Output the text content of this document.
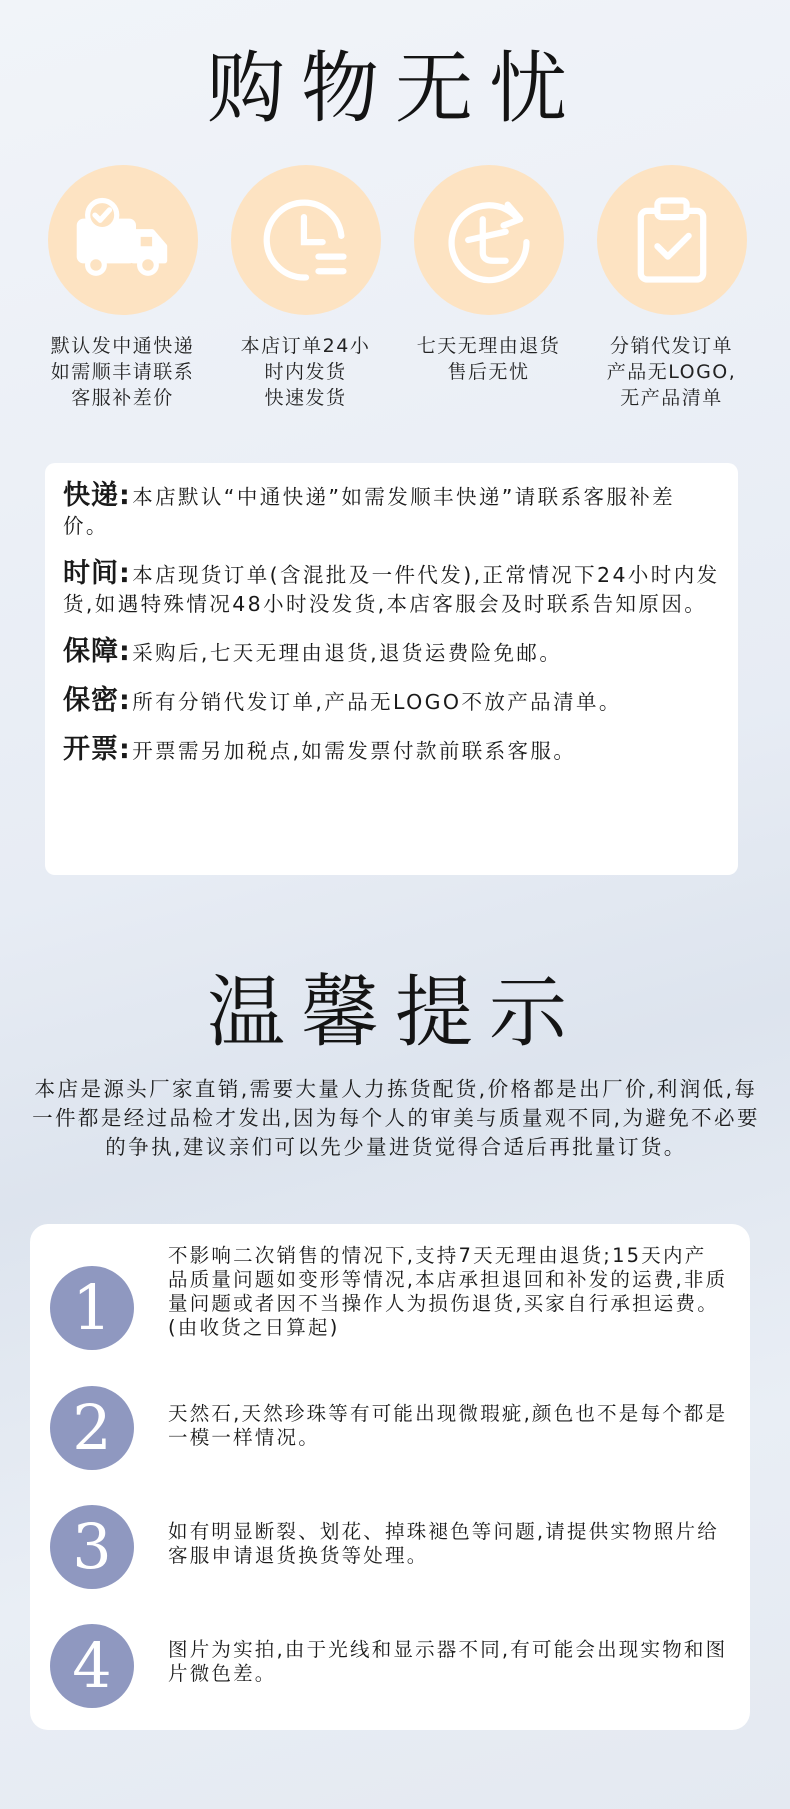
购物无忧
默认发中通快递
如需顺丰请联系
客服补差价
本店订单24小
时内发货
快速发货
七天无理由退货
售后无忧
分销代发订单
产品无LOGO,
无产品清单
快递:本店默认“中通快递”如需发顺丰快递”请联系客服补差价。
时间:本店现货订单(含混批及一件代发),正常情况下24小时内发货,如遇特殊情况48小时没发货,本店客服会及时联系告知原因。
保障:采购后,七天无理由退货,退货运费险免邮。
保密:所有分销代发订单,产品无LOGO不放产品清单。
开票:开票需另加税点,如需发票付款前联系客服。
温馨提示
本店是源头厂家直销,需要大量人力拣货配货,价格都是出厂价,利润低,每一件都是经过品检才发出,因为每个人的审美与质量观不同,为避免不必要的争执,建议亲们可以先少量进货觉得合适后再批量订货。
1
不影响二次销售的情况下,支持7天无理由退货;15天内产品质量问题如变形等情况,本店承担退回和补发的运费,非质量问题或者因不当操作人为损伤退货,买家自行承担运费。(由收货之日算起)
2	天然石,天然珍珠等有可能出现微瑕疵,颜色也不是每个都是一模一样情况。
3	如有明显断裂、划花、掉珠褪色等问题,请提供实物照片给客服申请退货换货等处理。
4	图片为实拍,由于光线和显示器不同,有可能会出现实物和图片微色差。
